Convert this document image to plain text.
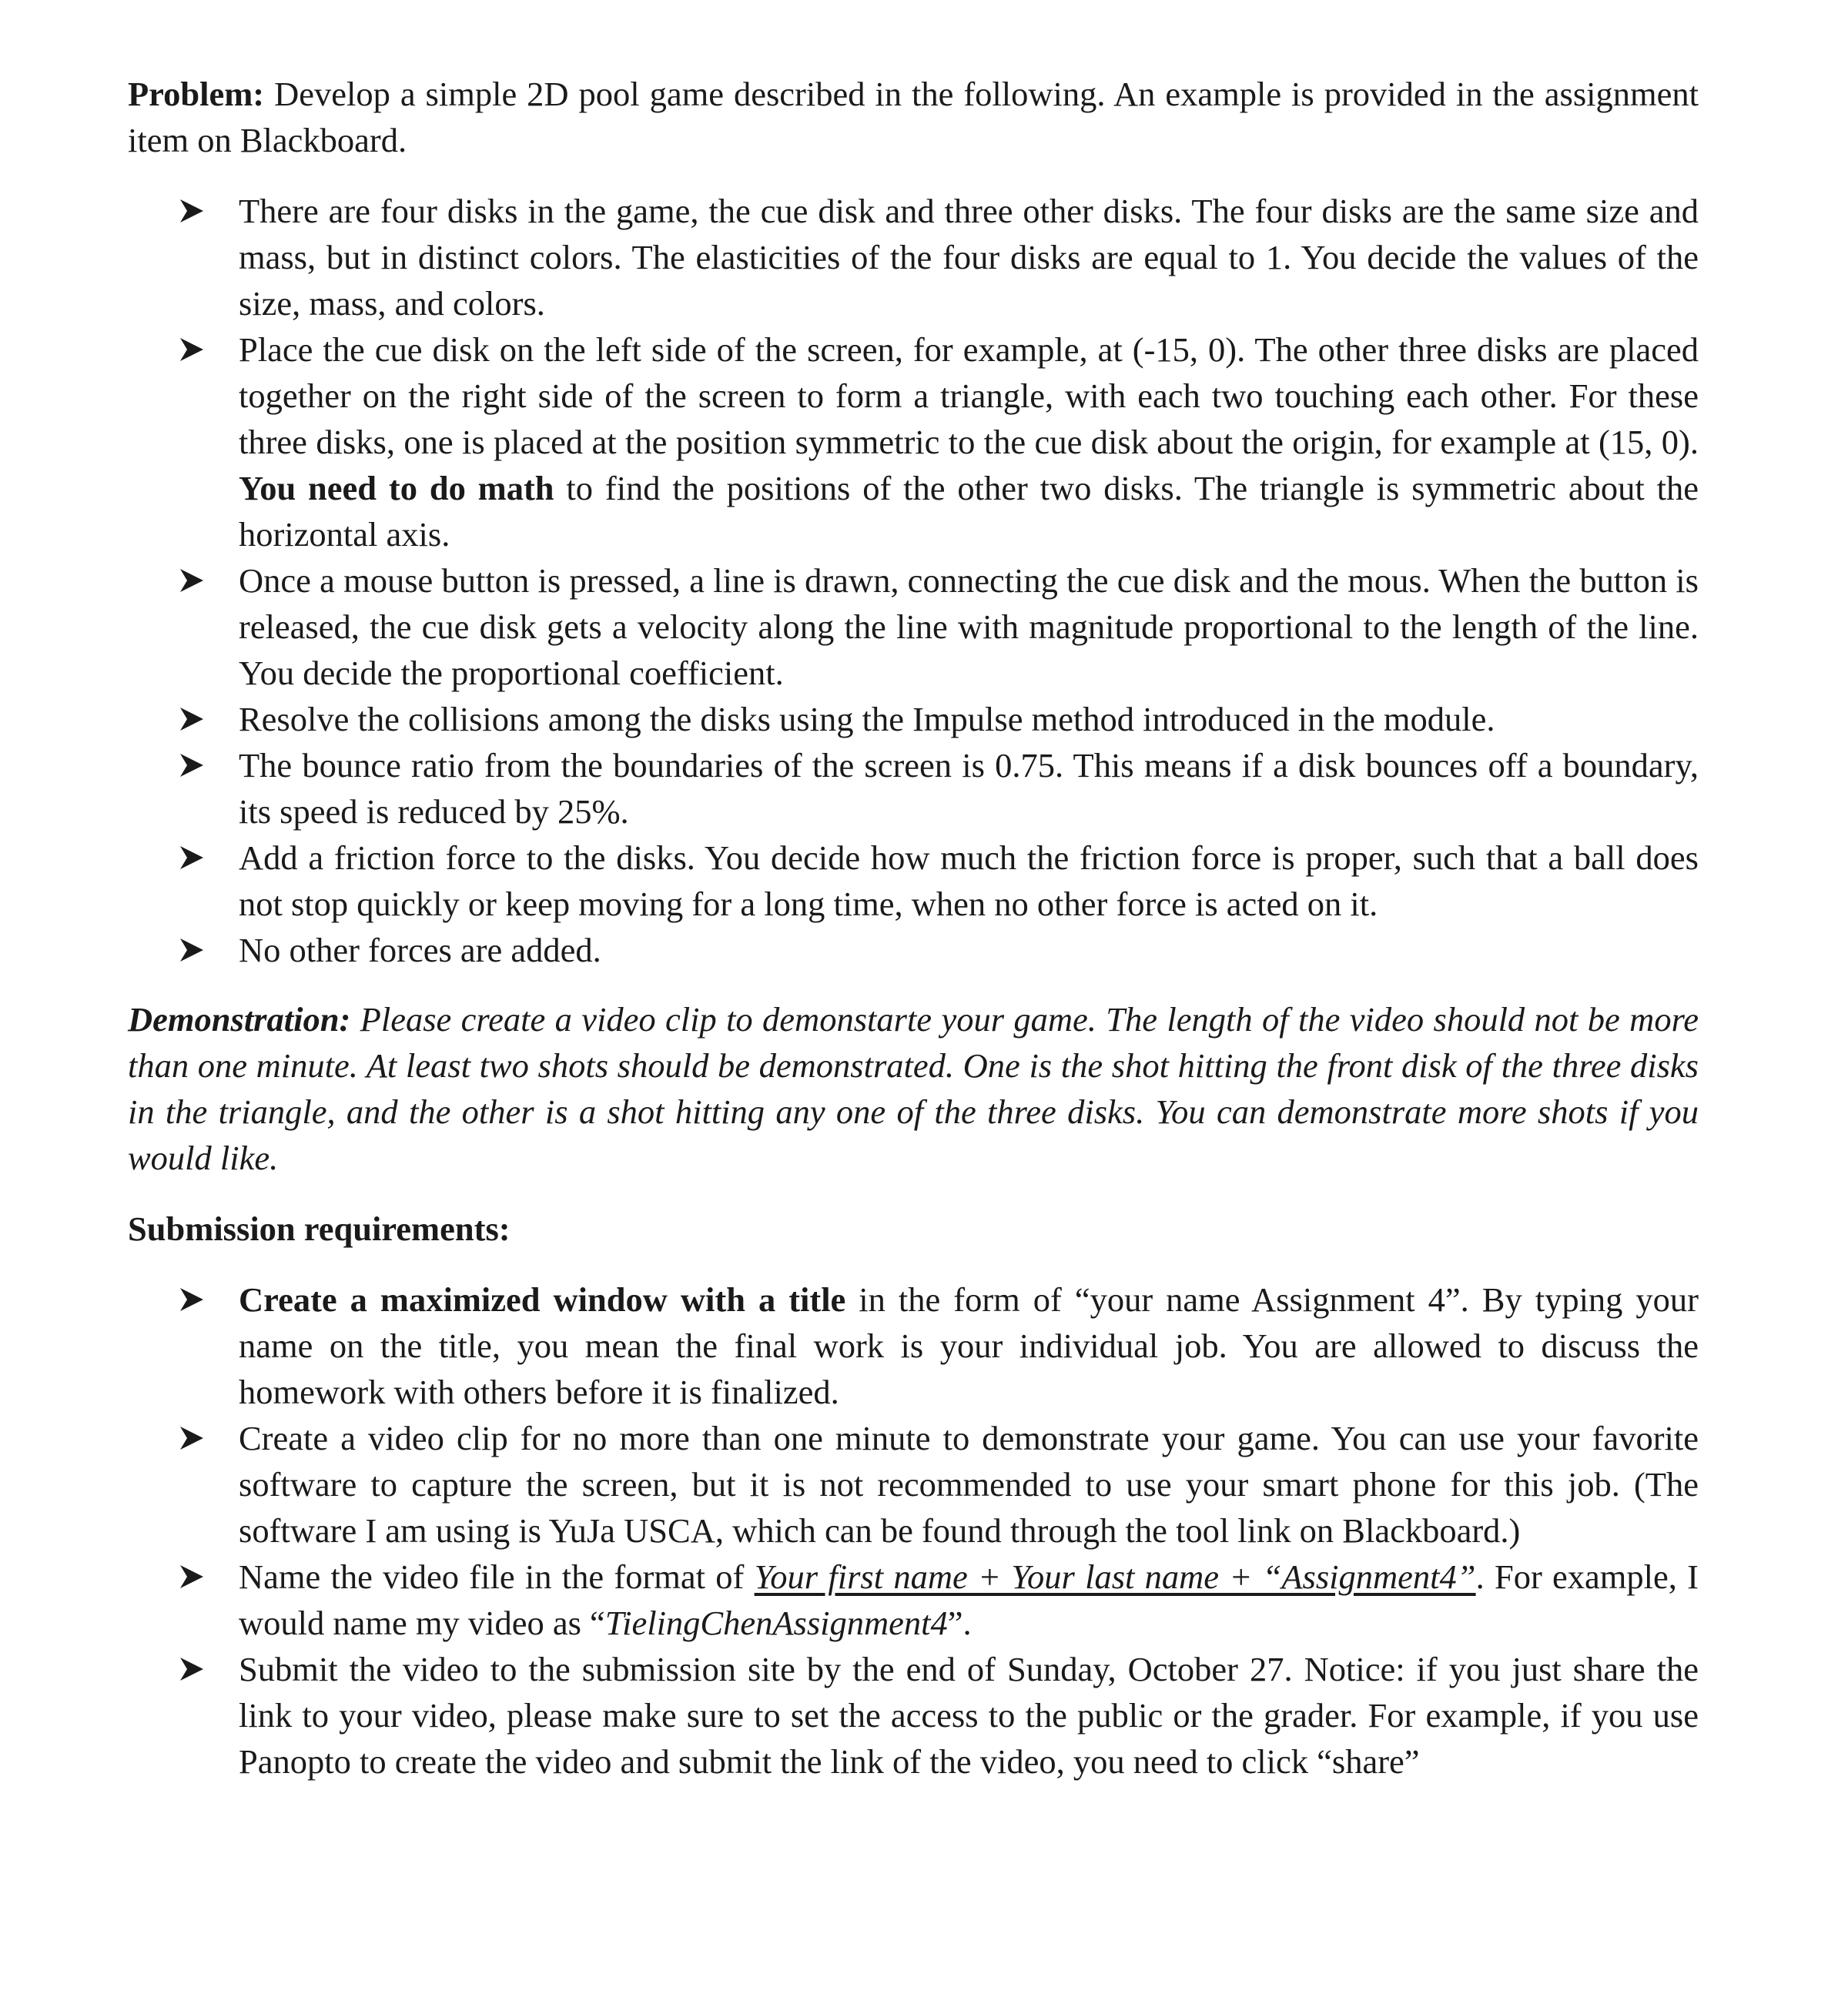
Problem: Develop a simple 2D pool game described in the following. An example is provided in the assignment item on Blackboard.

There are four disks in the game, the cue disk and three other disks. The four disks are the same size and mass, but in distinct colors. The elasticities of the four disks are equal to 1. You decide the values of the size, mass, and colors.
Place the cue disk on the left side of the screen, for example, at (-15, 0). The other three disks are placed together on the right side of the screen to form a triangle, with each two touching each other. For these three disks, one is placed at the position symmetric to the cue disk about the origin, for example at (15, 0). You need to do math to find the positions of the other two disks. The triangle is symmetric about the horizontal axis.
Once a mouse button is pressed, a line is drawn, connecting the cue disk and the mous. When the button is released, the cue disk gets a velocity along the line with magnitude proportional to the length of the line. You decide the proportional coefficient.
Resolve the collisions among the disks using the Impulse method introduced in the module.
The bounce ratio from the boundaries of the screen is 0.75. This means if a disk bounces off a boundary, its speed is reduced by 25%.
Add a friction force to the disks. You decide how much the friction force is proper, such that a ball does not stop quickly or keep moving for a long time, when no other force is acted on it.
No other forces are added.

Demonstration: Please create a video clip to demonstarte your game. The length of the video should not be more than one minute. At least two shots should be demonstrated. One is the shot hitting the front disk of the three disks in the triangle, and the other is a shot hitting any one of the three disks. You can demonstrate more shots if you would like.

Submission requirements:

Create a maximized window with a title in the form of “your name Assignment 4”. By typing your name on the title, you mean the final work is your individual job. You are allowed to discuss the homework with others before it is finalized.
Create a video clip for no more than one minute to demonstrate your game. You can use your favorite software to capture the screen, but it is not recommended to use your smart phone for this job. (The software I am using is YuJa USCA, which can be found through the tool link on Blackboard.)
Name the video file in the format of Your first name + Your last name + “Assignment4”. For example, I would name my video as “TielingChenAssignment4”.
Submit the video to the submission site by the end of Sunday, October 27. Notice: if you just share the link to your video, please make sure to set the access to the public or the grader. For example, if you use Panopto to create the video and submit the link of the video, you need to click “share”
